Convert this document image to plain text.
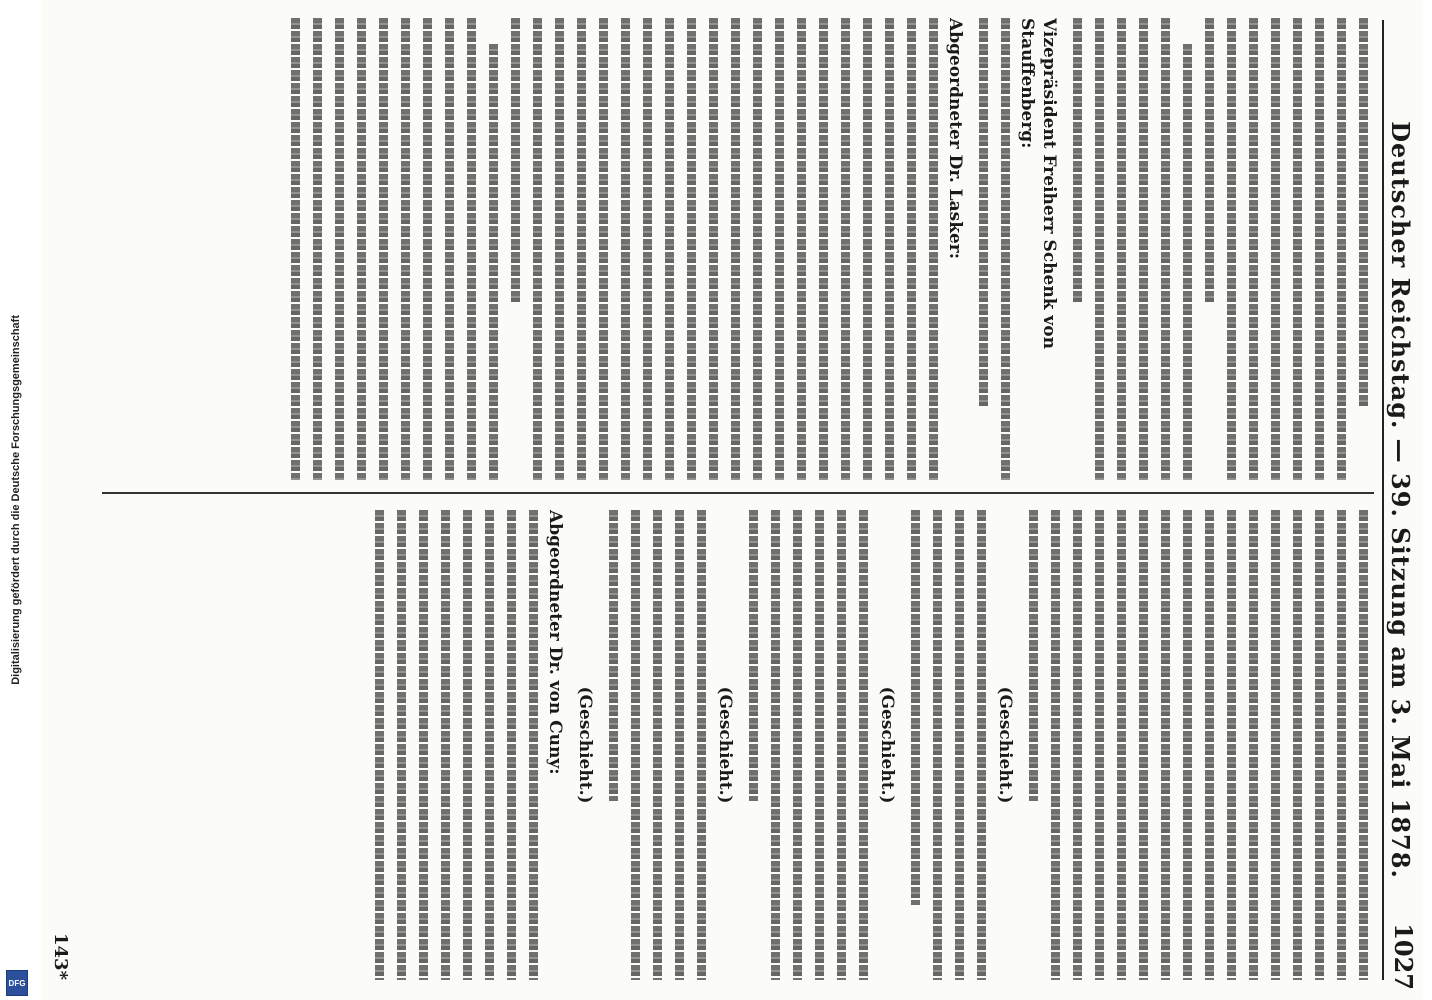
Deutscher Reichstag. — 39. Sitzung am 3. Mai 1878.
1027
Vizepräsident Freiherr Schenk von Stauffenberg:
Abgeordneter Dr. Lasker:
(Geschieht.)
(Geschieht.)
(Geschieht.)
(Geschieht.)
Abgeordneter Dr. von Cuny:
143*
Digitalisierung gefördert durch die Deutsche Forschungsgemeinschaft
DFG
